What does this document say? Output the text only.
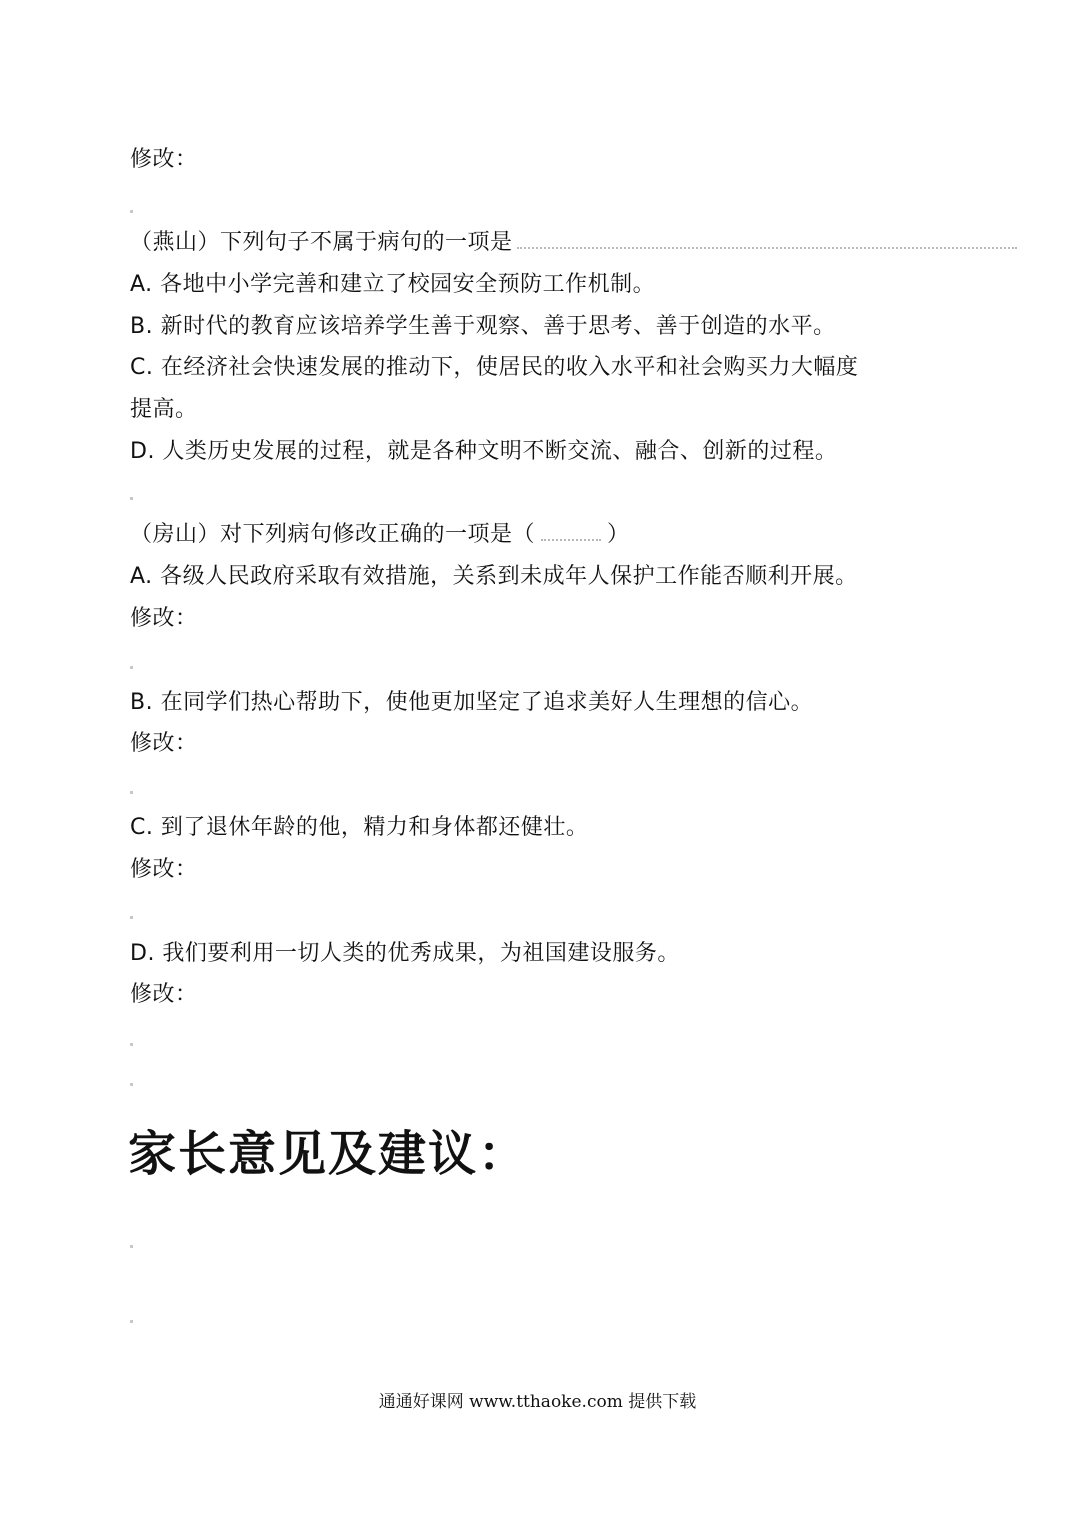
修改：
（燕山）下列句子不属于病句的一项是
A. 各地中小学完善和建立了校园安全预防工作机制。
B. 新时代的教育应该培养学生善于观察、善于思考、善于创造的水平。
C. 在经济社会快速发展的推动下，使居民的收入水平和社会购买力大幅度
提高。
D. 人类历史发展的过程，就是各种文明不断交流、融合、创新的过程。
（房山）对下列病句修改正确的一项是（	）
A. 各级人民政府采取有效措施，关系到未成年人保护工作能否顺利开展。
修改：
B. 在同学们热心帮助下，使他更加坚定了追求美好人生理想的信心。
修改：
C. 到了退休年龄的他，精力和身体都还健壮。
修改：
D. 我们要利用一切人类的优秀成果，为祖国建设服务。
修改：
家长意见及建议：
通通好课网 www.tthaoke.com 提供下载
